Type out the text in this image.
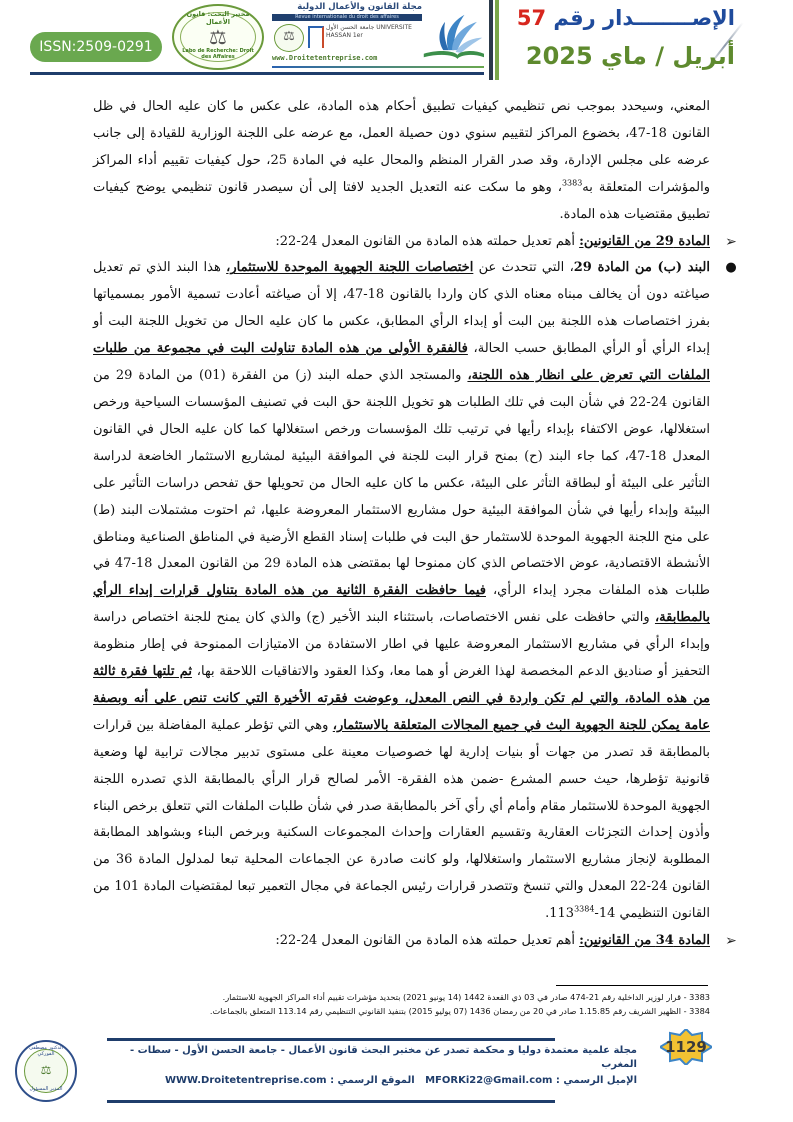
ISSN:2509-0291
مختبر البحث: قانون الأعمال
⚖
Labo de Recherche: Droit des Affaires
مجلة القانون والأعمال الدولية
Revue internationale du droit des affaires
⚖
جامعة الحسن الأول UNIVERSITE HASSAN 1er
www.Droitetentreprise.com
الإصــــــــدار رقم 57
أبريل / ماي 2025

المعني، وسيحدد بموجب نص تنظيمي كيفيات تطبيق أحكام هذه المادة، على عكس ما كان عليه الحال في ظل القانون 18-47، بخضوع المراكز لتقييم سنوي دون حصيلة العمل، مع عرضه على اللجنة الوزارية للقيادة إلى جانب عرضه على مجلس الإدارة، وقد صدر القرار المنظم والمحال عليه في المادة 25، حول كيفيات تقييم أداء المراكز والمؤشرات المتعلقة به$^{3383}$، وهو ما سكت عنه التعديل الجديد لافتا إلى أن سيصدر قانون تنظيمي يوضح كيفيات تطبيق مقتضيات هذه المادة.

➢
المادة 29 من القانونين: أهم تعديل حملته هذه المادة من القانون المعدل 24-22:

●
البند (ب) من المادة 29، التي تتحدث عن اختصاصات اللجنة الجهوية الموحدة للاستثمار، هذا البند الذي تم تعديل صياغته دون أن يخالف مبناه معناه الذي كان واردا بالقانون 18-47، إلا أن صياغته أعادت تسمية الأمور بمسمياتها بفرز اختصاصات هذه اللجنة بين البت أو إبداء الرأي المطابق، عكس ما كان عليه الحال من تخويل اللجنة البت أو إبداء الرأي أو الرأي المطابق حسب الحالة، فالفقرة الأولى من هذه المادة تناولت البت في مجموعة من طلبات الملفات التي تعرض على انظار هذه اللجنة، والمستجد الذي حمله البند (ز) من الفقرة (01) من المادة 29 من القانون 24-22 في شأن البت في تلك الطلبات هو تخويل اللجنة حق البت في تصنيف المؤسسات السياحية ورخص استغلالها، عوض الاكتفاء بإبداء رأيها في ترتيب تلك المؤسسات ورخص استغلالها كما كان عليه الحال في القانون المعدل 18-47، كما جاء البند (ح) بمنح قرار البت للجنة في الموافقة البيئية لمشاريع الاستثمار الخاضعة لدراسة التأثير على البيئة أو لبطاقة التأثر على البيئة، عكس ما كان عليه الحال من تحويلها حق تفحص دراسات التأثير على البيئة وإبداء رأيها في شأن الموافقة البيئية حول مشاريع الاستثمار المعروضة عليها، ثم احتوت مشتملات البند (ط) على منح اللجنة الجهوية الموحدة للاستثمار حق البت في طلبات إسناد القطع الأرضية في المناطق الصناعية ومناطق الأنشطة الاقتصادية، عوض الاختصاص الذي كان ممنوحا لها بمقتضى هذه المادة 29 من القانون المعدل 18-47 في طلبات هذه الملفات مجرد إبداء الرأي، فيما حافظت الفقرة الثانية من هذه المادة بتناول قرارات إبداء الرأي بالمطابقة، والتي حافظت على نفس الاختصاصات، باستثناء البند الأخير (ج) والذي كان يمنح للجنة اختصاص دراسة وإبداء الرأي في مشاريع الاستثمار المعروضة عليها في اطار الاستفادة من الامتيازات الممنوحة في إطار منظومة التحفيز أو صناديق الدعم المخصصة لهذا الغرض أو هما معا، وكذا العقود والاتفاقيات اللاحقة بها، ثم تلتها فقرة ثالثة من هذه المادة، والتي لم تكن واردة في النص المعدل، وعوضت فقرته الأخيرة التي كانت تنص على أنه وبصفة عامة يمكن للجنة الجهوية البث في جميع المجالات المتعلقة بالاستثمار، وهي التي تؤطر عملية المفاضلة بين قرارات بالمطابقة قد تصدر من جهات أو بنيات إدارية لها خصوصيات معينة على مستوى تدبير مجالات ترابية لها وضعية قانونية تؤطرها، حيث حسم المشرع -ضمن هذه الفقرة- الأمر لصالح قرار الرأي بالمطابقة الذي تصدره اللجنة الجهوية الموحدة للاستثمار مقام وأمام أي رأي آخر بالمطابقة صدر في شأن طلبات الملفات التي تتعلق برخص البناء وأذون إحداث التجزئات العقارية وتقسيم العقارات وإحداث المجموعات السكنية وبرخص البناء وبشواهد المطابقة المطلوبة لإنجاز مشاريع الاستثمار واستغلالها، ولو كانت صادرة عن الجماعات المحلية تبعا لمدلول المادة 36 من القانون 24-22 المعدل والتي تنسخ وتتصدر قرارات رئيس الجماعة في مجال التعمير تبعا لمقتضيات المادة 101 من القانون التنظيمي $14-113^{3384}$.

➢
المادة 34 من القانونين: أهم تعديل حملته هذه المادة من القانون المعدل 24-22:

3383 - قرار لوزير الداخلية رقم 21-474 صادر في 03 ذي القعدة 1442 (14 يونيو 2021) بتحديد مؤشرات تقييم أداء المراكز الجهوية للاستثمار.

3384 - الظهير الشريف رقم 1.15.85 صادر في 20 من رمضان 1436 (07 يوليو 2015) بتنفيذ القانوني التنظيمي رقم 113.14 المتعلق بالجماعات.

الدكتور مصطفى الفوركي
⚖
المدير المسؤول
مجلة علمية معتمدة دوليا و محكمة تصدر عن مختبر البحث قانون الأعمال - جامعة الحسن الأول - سطات - المغرب
الإميل الرسمي : MFORKi22@Gmail.com   الموقع الرسمي : WWW.Droitetentreprise.com
1129
